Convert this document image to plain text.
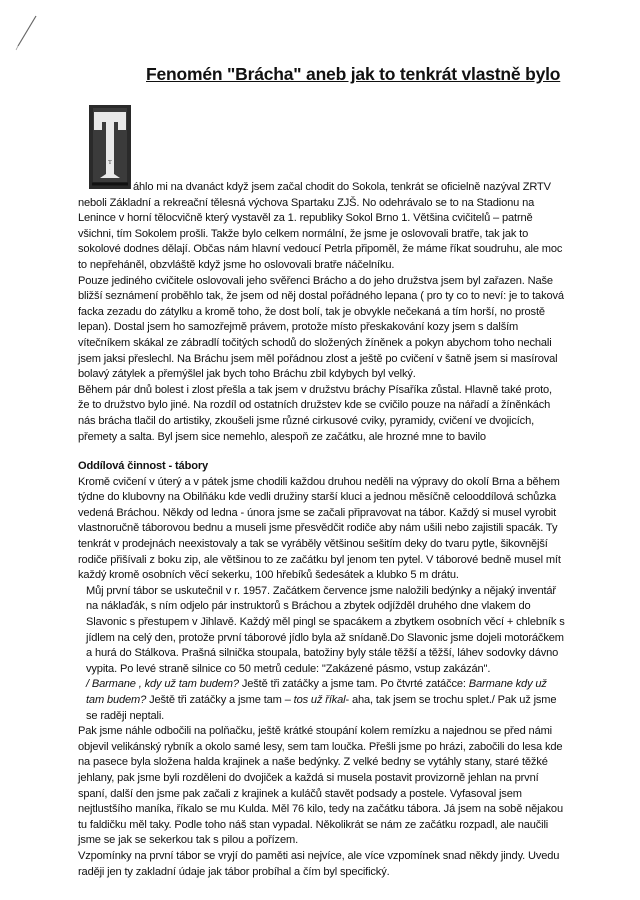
Fenomén "Brácha" aneb jak to tenkrát vlastně bylo
T

áhlo mi na dvanáct když jsem začal chodit do Sokola, tenkrát se oficielně nazýval ZRTV

neboli Základní a rekreační tělesná výchova Spartaku ZJŠ. No odehrávalo se to na Stadionu na Lenince v horní tělocvičně který vystavěl za 1. republiky Sokol Brno 1. Většina cvičitelů – patrně všichni, tím Sokolem prošli. Takže bylo celkem normální, že jsme je oslovovali bratře, tak jak to sokolové dodnes dělají. Občas nám hlavní vedoucí Petrla připoměl, že máme říkat soudruhu, ale moc to nepřeháněl, obzvláště když jsme ho oslovovali bratře náčelníku.

Pouze jediného cvičitele oslovovali jeho svěřenci Brácho a do jeho družstva jsem byl zařazen. Naše bližší seznámení proběhlo tak, že jsem od něj dostal pořádného lepana ( pro ty co to neví: je to taková facka zezadu do zátylku a kromě toho, že dost bolí, tak je obvykle nečekaná a tím horší, no prostě lepan). Dostal jsem ho samozřejmě právem, protože místo přeskakování kozy jsem s dalším vítečníkem skákal ze zábradlí točitých schodů do složených žíněnek a pokyn abychom toho nechali jsem jaksi přeslechl. Na Bráchu jsem měl pořádnou zlost a ještě po cvičení v šatně jsem si masíroval bolavý zátylek a přemýšlel jak bych toho Bráchu zbil kdybych byl velký.

Během pár dnů bolest i zlost přešla a tak jsem v družstvu bráchy Písaříka zůstal. Hlavně také proto, že to družstvo bylo jiné. Na rozdíl od ostatních družstev kde se cvičilo pouze na nářadí a žíněnkách nás brácha tlačil do artistiky, zkoušeli jsme různé cirkusové cviky, pyramidy, cvičení ve dvojicích, přemety a salta. Byl jsem sice nemehlo, alespoň ze začátku, ale hrozné mne to bavilo

Oddílová činnost - tábory

Kromě cvičení v úterý a v pátek jsme chodili každou druhou neděli na výpravy do okolí Brna a během týdne do klubovny na Obilňáku kde vedli družiny starší kluci a jednou měsíčně celooddílová schůzka vedená Bráchou. Někdy od ledna - února jsme se začali připravovat na tábor. Každý si musel vyrobit vlastnoručně táborovou bednu a museli jsme přesvědčit rodiče aby nám ušili nebo zajistili spacák. Ty tenkrát v prodejnách neexistovaly a tak se vyráběly většinou sešitím deky do tvaru pytle, šikovnější rodiče přišívali z boku zip, ale většinou to ze začátku byl jenom ten pytel. V táborové bedně musel mít každý kromě osobních věcí sekerku, 100 hřebíků šedesátek a klubko 5 m drátu.

Můj první tábor se uskutečnil v r. 1957. Začátkem července jsme naložili bedýnky a nějaký inventář na náklaďák, s ním odjelo pár instruktorů s Bráchou a zbytek odjížděl druhého dne vlakem do Slavonic s přestupem v Jihlavě. Každý měl pingl se spacákem a zbytkem osobních věcí + chlebník s jídlem na celý den, protože první táborové jídlo byla až snídaně.Do Slavonic jsme dojeli motoráčkem a hurá do Stálkova. Prašná silnička stoupala, batožiny byly stále těžší a těžší, láhev sodovky dávno vypita. Po levé straně silnice co 50 metrů cedule: "Zakázené pásmo, vstup zakázán".

/ Barmane , kdy už tam budem? Ještě tři zatáčky a jsme tam. Po čtvrté zatáčce: Barmane kdy už tam budem? Ještě tři zatáčky a jsme tam – tos už říkal- aha, tak jsem se trochu splet./ Pak už jsme se raději neptali.

Pak jsme náhle odbočili na polňačku, ještě krátké stoupání kolem remízku a najednou se před námi objevil velikánský rybník a okolo samé lesy, sem tam loučka. Přešli jsme po hrázi, zabočili do lesa kde na pasece byla složena halda krajinek a naše bedýnky. Z velké bedny se vytáhly stany, staré těžké jehlany, pak jsme byli rozděleni do dvojiček a každá si musela postavit provizorně jehlan na první spaní, další den jsme pak začali z krajinek a kuláčů stavět podsady a postele. Vyfasoval jsem nejtlustšího maníka, říkalo se mu Kulda. Měl 76 kilo, tedy na začátku tábora. Já jsem na sobě nějakou tu faldičku měl taky. Podle toho náš stan vypadal. Několikrát se nám ze začátku rozpadl, ale naučili jsme se jak se sekerkou tak s pilou a pořízem.

Vzpomínky na první tábor se vryjí do paměti asi nejvíce, ale více vzpomínek snad někdy jindy. Uvedu raději jen ty zakladní údaje jak tábor probíhal a čím byl specifický.
